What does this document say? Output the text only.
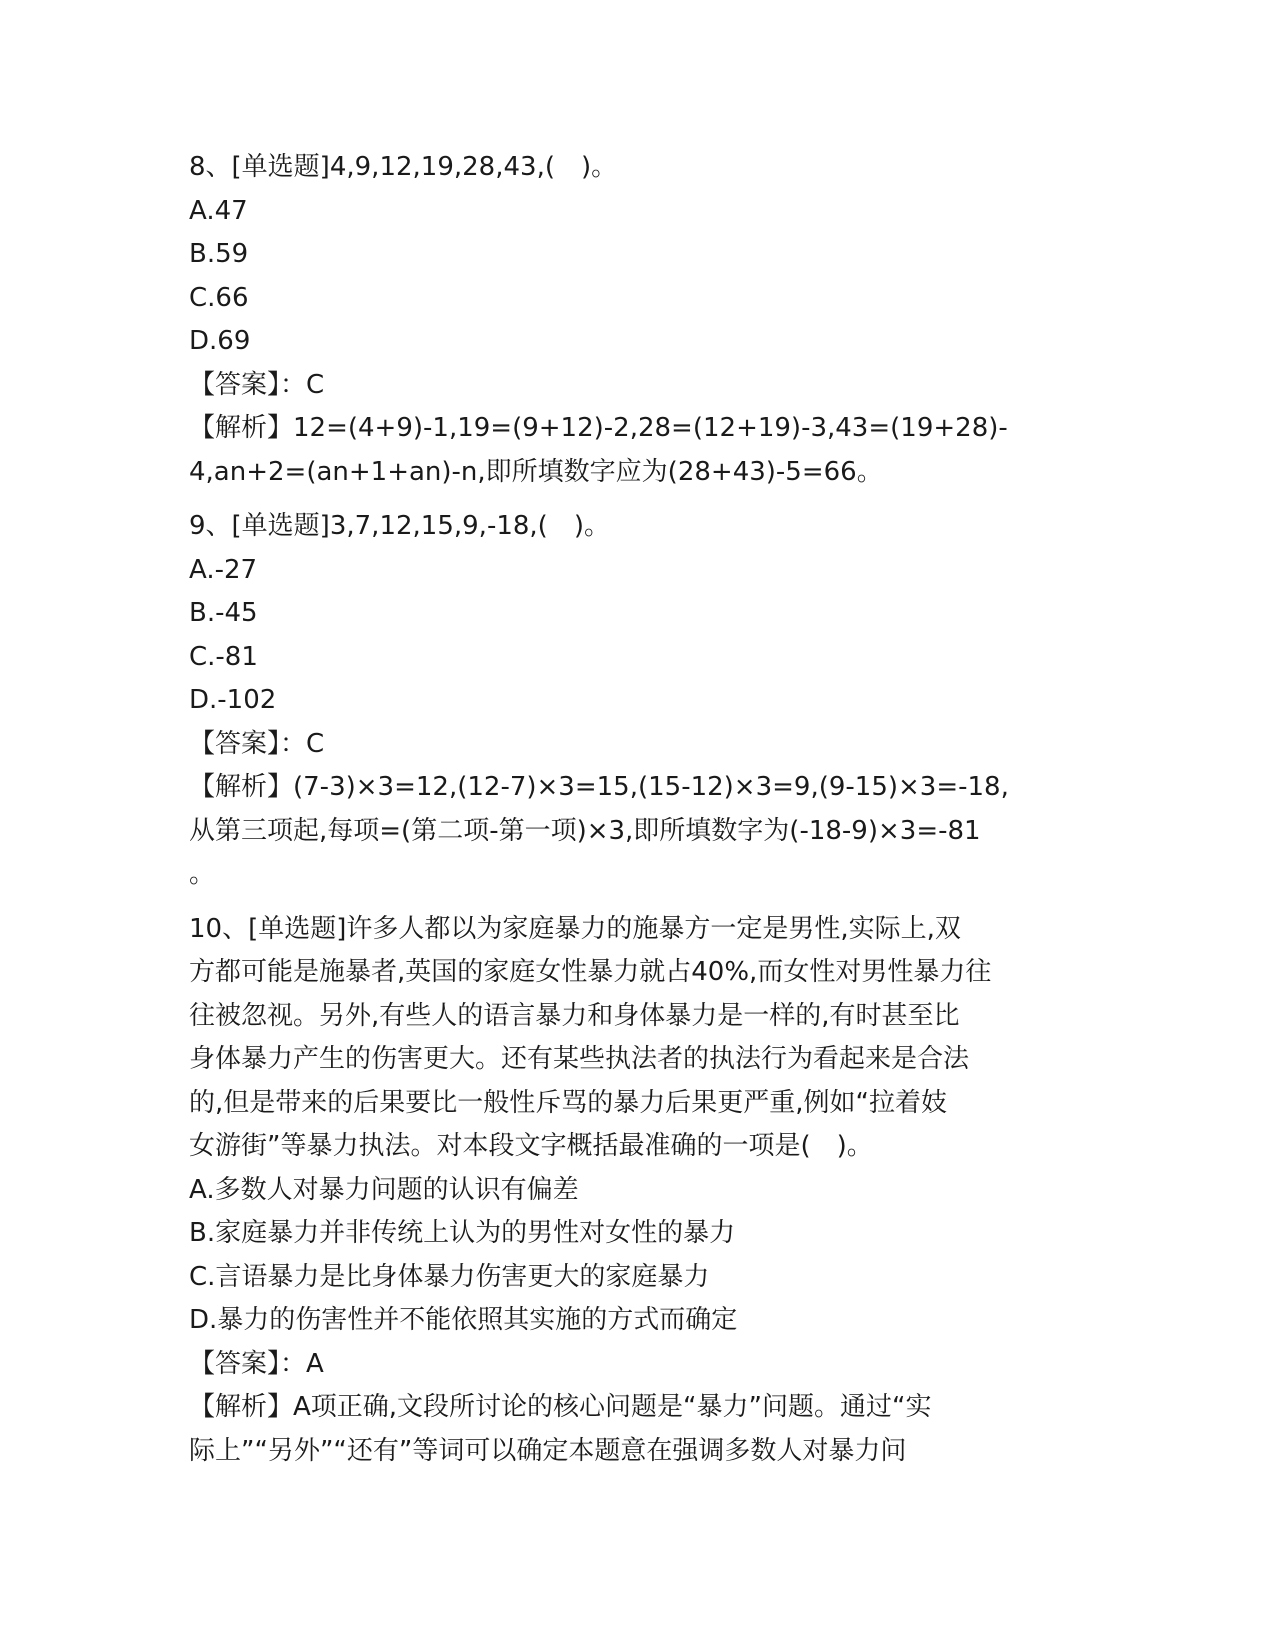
8、[单选题]4,9,12,19,28,43,(　)。

A.47

B.59

C.66

D.69

【答案】：C

【解析】12=(4+9)-1,19=(9+12)-2,28=(12+19)-3,43=(19+28)-

4,an+2=(an+1+an)-n,即所填数字应为(28+43)-5=66。

9、[单选题]3,7,12,15,9,-18,(　)。

A.-27

B.-45

C.-81

D.-102

【答案】：C

【解析】(7-3)×3=12,(12-7)×3=15,(15-12)×3=9,(9-15)×3=-18,

从第三项起,每项=(第二项-第一项)×3,即所填数字为(-18-9)×3=-81

。

10、[单选题]许多人都以为家庭暴力的施暴方一定是男性,实际上,双

方都可能是施暴者,英国的家庭女性暴力就占40%,而女性对男性暴力往

往被忽视。另外,有些人的语言暴力和身体暴力是一样的,有时甚至比

身体暴力产生的伤害更大。还有某些执法者的执法行为看起来是合法

的,但是带来的后果要比一般性斥骂的暴力后果更严重,例如“拉着妓

女游街”等暴力执法。对本段文字概括最准确的一项是(　)。

A.多数人对暴力问题的认识有偏差

B.家庭暴力并非传统上认为的男性对女性的暴力

C.言语暴力是比身体暴力伤害更大的家庭暴力

D.暴力的伤害性并不能依照其实施的方式而确定

【答案】：A

【解析】A项正确,文段所讨论的核心问题是“暴力”问题。通过“实

际上”“另外”“还有”等词可以确定本题意在强调多数人对暴力问
